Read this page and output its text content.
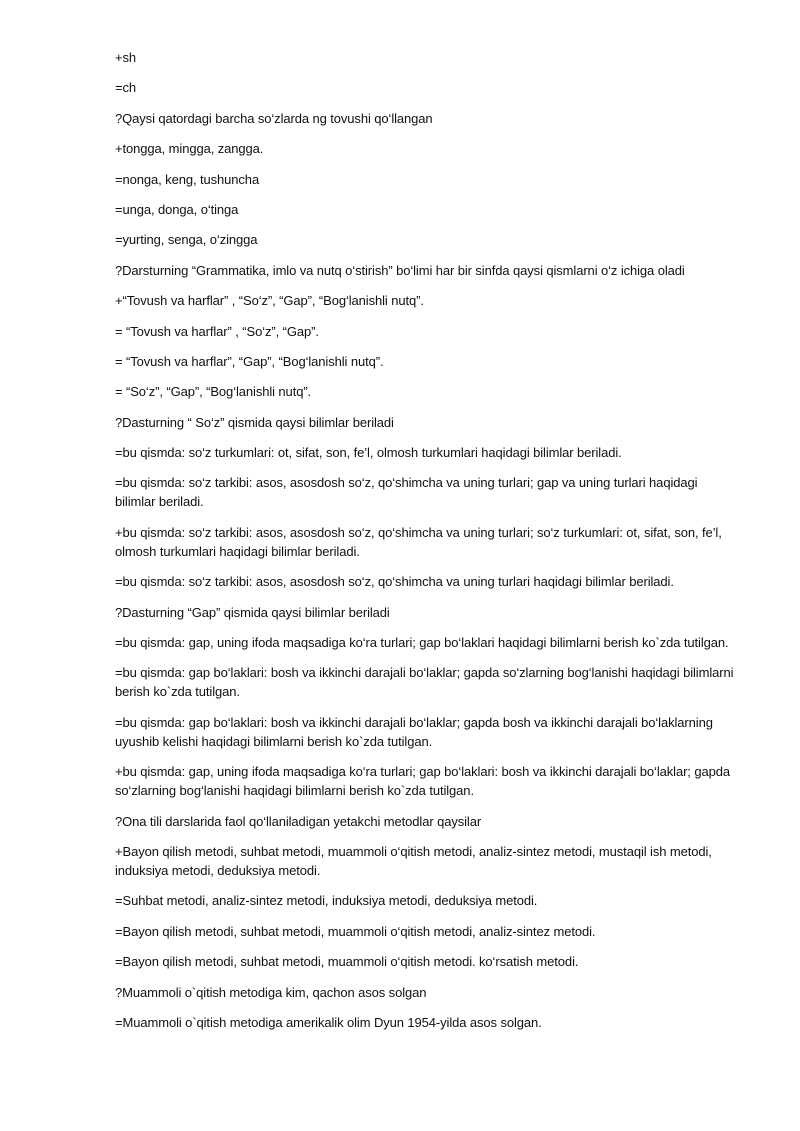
+sh

=ch

?Qaysi qatordagi barcha so‘zlarda ng tovushi qo‘llangan

+tongga, mingga, zangga.

=nonga, keng, tushuncha

=unga, donga, o‘tinga

=yurting, senga, o‘zingga

?Darsturning “Grammatika, imlo va nutq o‘stirish” bo‘limi har bir sinfda qaysi qismlarni o‘z ichiga oladi

+“Tovush va harflar” , “So‘z”, “Gap”, “Bog‘lanishli nutq”.

= “Tovush va harflar” , “So‘z”, “Gap”.

= “Tovush va harflar”, “Gap”, “Bog‘lanishli nutq”.

= “So‘z”, “Gap”, “Bog‘lanishli nutq”.

?Dasturning “ So‘z” qismida qaysi bilimlar beriladi

=bu qismda: so‘z turkumlari: ot, sifat, son, fe’l, olmosh turkumlari haqidagi bilimlar beriladi.

=bu qismda: so‘z tarkibi: asos, asosdosh so‘z, qo‘shimcha va uning turlari; gap va uning turlari haqidagi bilimlar beriladi.

+bu qismda: so‘z tarkibi: asos, asosdosh so‘z, qo‘shimcha va uning turlari; so‘z turkumlari: ot, sifat, son, fe’l, olmosh turkumlari haqidagi bilimlar beriladi.

=bu qismda: so‘z tarkibi: asos, asosdosh so‘z, qo‘shimcha va uning turlari haqidagi bilimlar beriladi.

?Dasturning “Gap” qismida qaysi bilimlar beriladi

=bu qismda: gap, uning ifoda maqsadiga ko‘ra turlari; gap bo‘laklari haqidagi bilimlarni berish ko`zda tutilgan.

=bu qismda: gap bo‘laklari: bosh va ikkinchi darajali bo‘laklar; gapda so‘zlarning bog‘lanishi haqidagi bilimlarni berish ko`zda tutilgan.

=bu qismda: gap bo‘laklari: bosh va ikkinchi darajali bo‘laklar; gapda bosh va ikkinchi darajali bo‘laklarning uyushib kelishi haqidagi bilimlarni berish ko`zda tutilgan.

+bu qismda: gap, uning ifoda maqsadiga ko‘ra turlari; gap bo‘laklari: bosh va ikkinchi darajali bo‘laklar; gapda so‘zlarning bog‘lanishi haqidagi bilimlarni berish ko`zda tutilgan.

?Ona tili darslarida faol qo‘llaniladigan yetakchi metodlar qaysilar

+Bayon qilish metodi, suhbat metodi, muammoli o‘qitish metodi, analiz-sintez metodi, mustaqil ish metodi, induksiya metodi, deduksiya metodi.

=Suhbat metodi, analiz-sintez metodi, induksiya metodi, deduksiya metodi.

=Bayon qilish metodi, suhbat metodi, muammoli o‘qitish metodi, analiz-sintez metodi.

=Bayon qilish metodi, suhbat metodi, muammoli o‘qitish metodi. ko‘rsatish metodi.

?Muammoli o`qitish metodiga kim, qachon asos solgan

=Muammoli o`qitish metodiga amerikalik olim Dyun 1954-yilda asos solgan.
